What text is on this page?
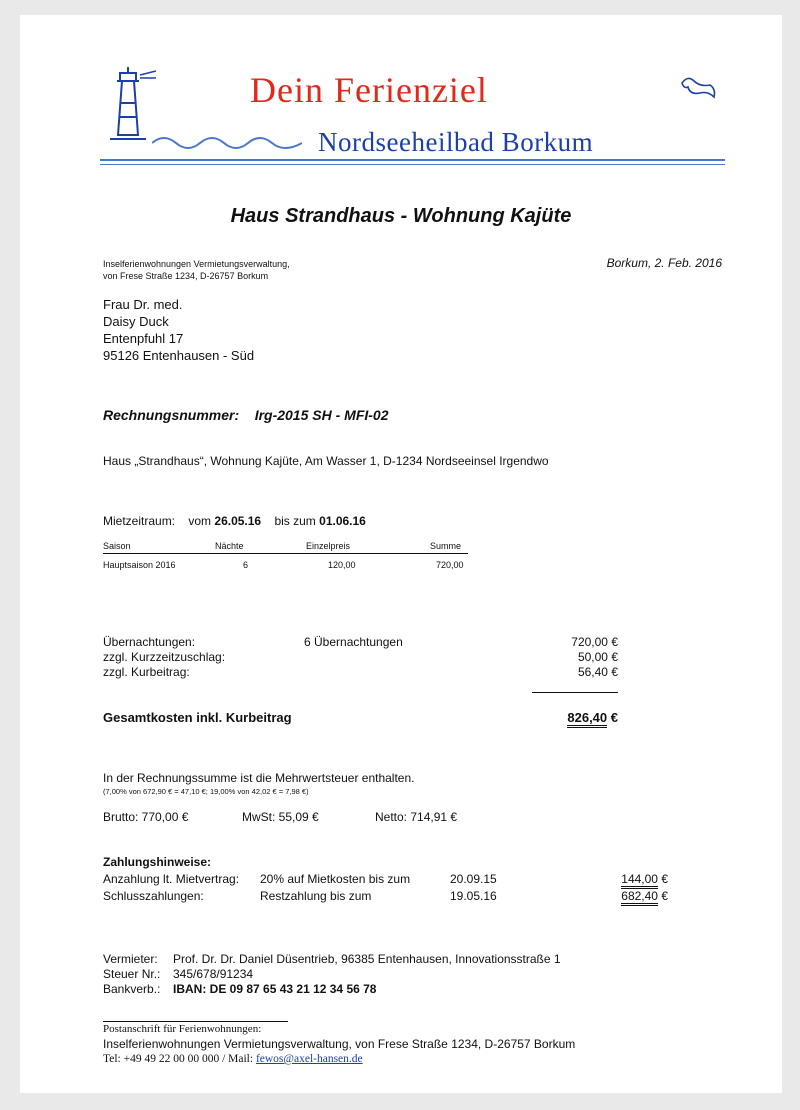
Dein Ferienziel
Nordseeheilbad Borkum
Haus Strandhaus - Wohnung Kajüte
Inselferienwohnungen Vermietungsverwaltung,
von Frese Straße 1234, D-26757 Borkum
Borkum, 2. Feb. 2016
Frau Dr. med.
Daisy Duck
Entenpfuhl 17
95126 Entenhausen - Süd
Rechnungsnummer: Irg-2015 SH - MFI-02
Haus „Strandhaus“, Wohnung Kajüte, Am Wasser 1, D-1234 Nordseeinsel Irgendwo
Mietzeitraum: vom 26.05.16 bis zum 01.06.16
Saison	Nächte	Einzelpreis	Summe
Hauptsaison 2016	6	120,00	720,00
Übernachtungen:	6 Übernachtungen	720,00 €
zzgl. Kurzzeitzuschlag:	50,00 €
zzgl. Kurbeitrag:	56,40 €
Gesamtkosten inkl. Kurbeitrag	826,40 €
In der Rechnungssumme ist die Mehrwertsteuer enthalten.
(7,00% von 672,90 € = 47,10 €; 19,00% von 42,02 € = 7,98 €)
Brutto: 770,00 €	MwSt: 55,09 €	Netto: 714,91 €
Zahlungshinweise:
Anzahlung lt. Mietvertrag: 20% auf Mietkosten bis zum	20.09.15	144,00 €
Schlusszahlungen:	Restzahlung bis zum	19.05.16	682,40 €
Vermieter: Prof. Dr. Dr. Daniel Düsentrieb, 96385 Entenhausen, Innovationsstraße 1
Steuer Nr.: 345/678/91234
Bankverb.: IBAN: DE 09 87 65 43 21 12 34 56 78
Postanschrift für Ferienwohnungen:
Inselferienwohnungen Vermietungsverwaltung, von Frese Straße 1234, D-26757 Borkum
Tel: +49 49 22 00 00 000 / Mail: fewos@axel-hansen.de
